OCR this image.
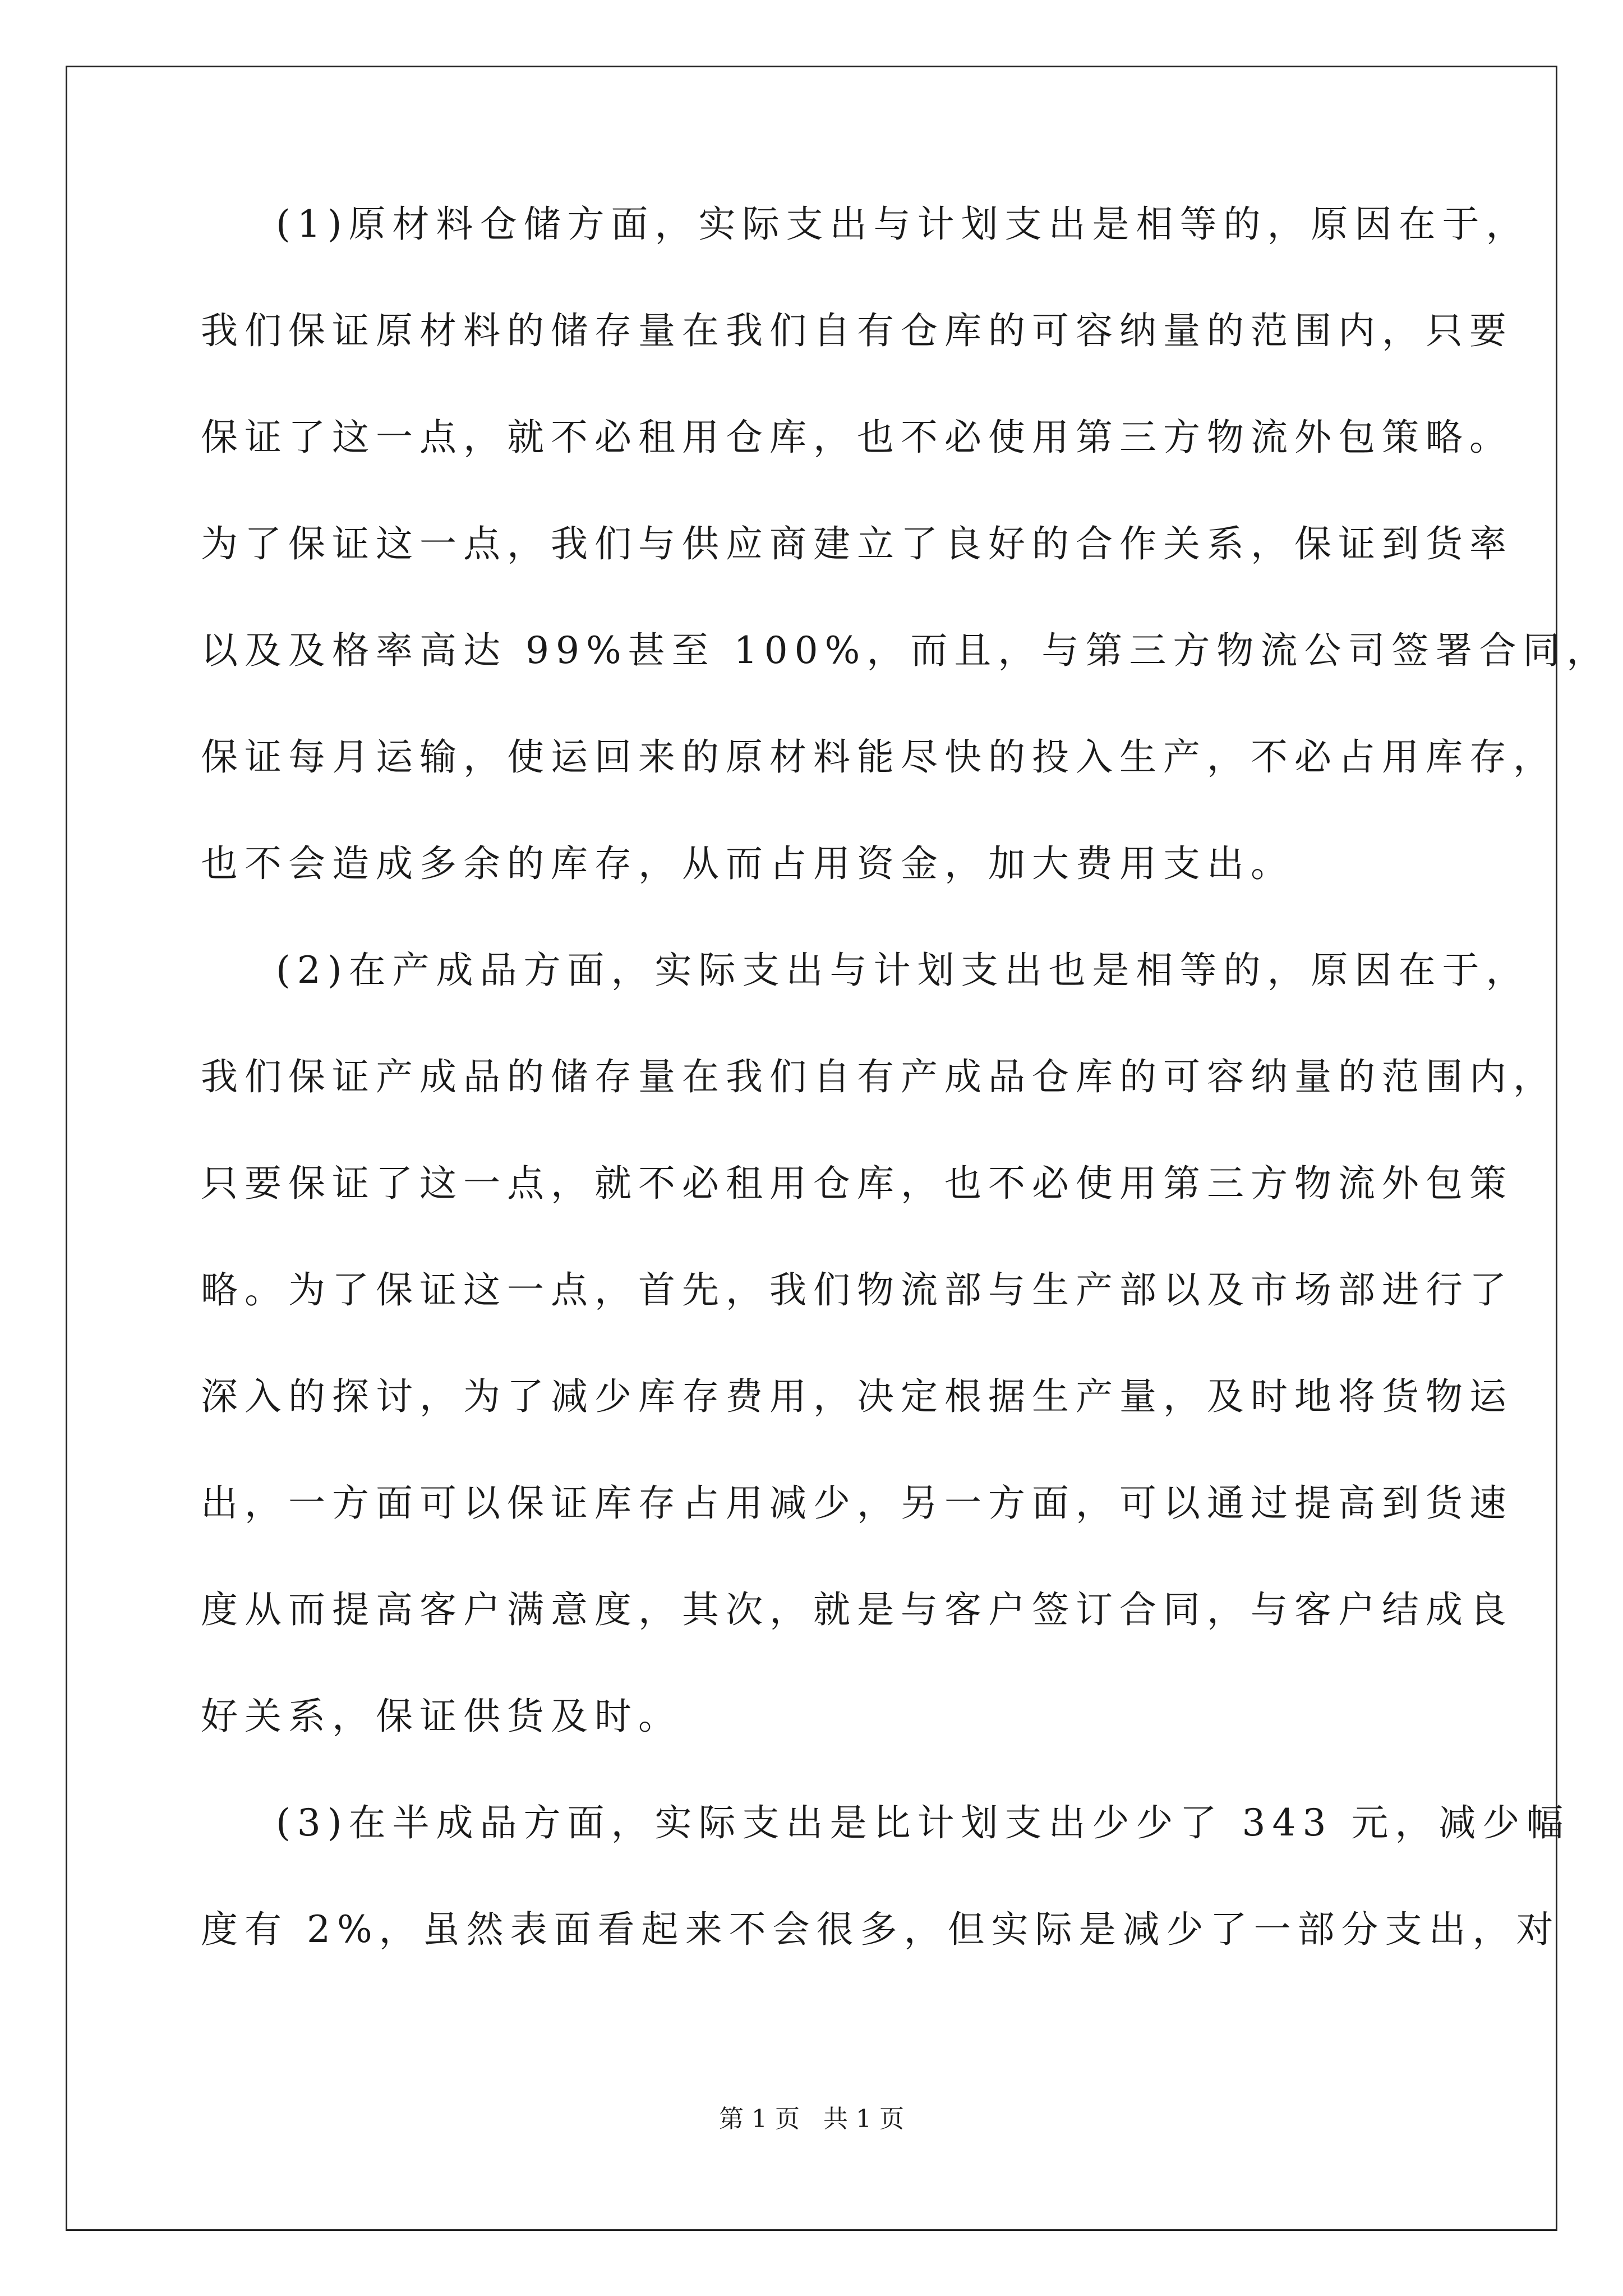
(1)原材料仓储方面，实际支出与计划支出是相等的，原因在于，
我们保证原材料的储存量在我们自有仓库的可容纳量的范围内，只要
保证了这一点，就不必租用仓库，也不必使用第三方物流外包策略。
为了保证这一点，我们与供应商建立了良好的合作关系，保证到货率
以及及格率高达 99%甚至 100%，而且，与第三方物流公司签署合同，
保证每月运输，使运回来的原材料能尽快的投入生产，不必占用库存，
也不会造成多余的库存，从而占用资金，加大费用支出。
(2)在产成品方面，实际支出与计划支出也是相等的，原因在于，
我们保证产成品的储存量在我们自有产成品仓库的可容纳量的范围内，
只要保证了这一点，就不必租用仓库，也不必使用第三方物流外包策
略。为了保证这一点，首先，我们物流部与生产部以及市场部进行了
深入的探讨，为了减少库存费用，决定根据生产量，及时地将货物运
出，一方面可以保证库存占用减少，另一方面，可以通过提高到货速
度从而提高客户满意度，其次，就是与客户签订合同，与客户结成良
好关系，保证供货及时。
(3)在半成品方面，实际支出是比计划支出少少了 343 元，减少幅
度有 2%，虽然表面看起来不会很多，但实际是减少了一部分支出，对
第 1 页   共 1 页
